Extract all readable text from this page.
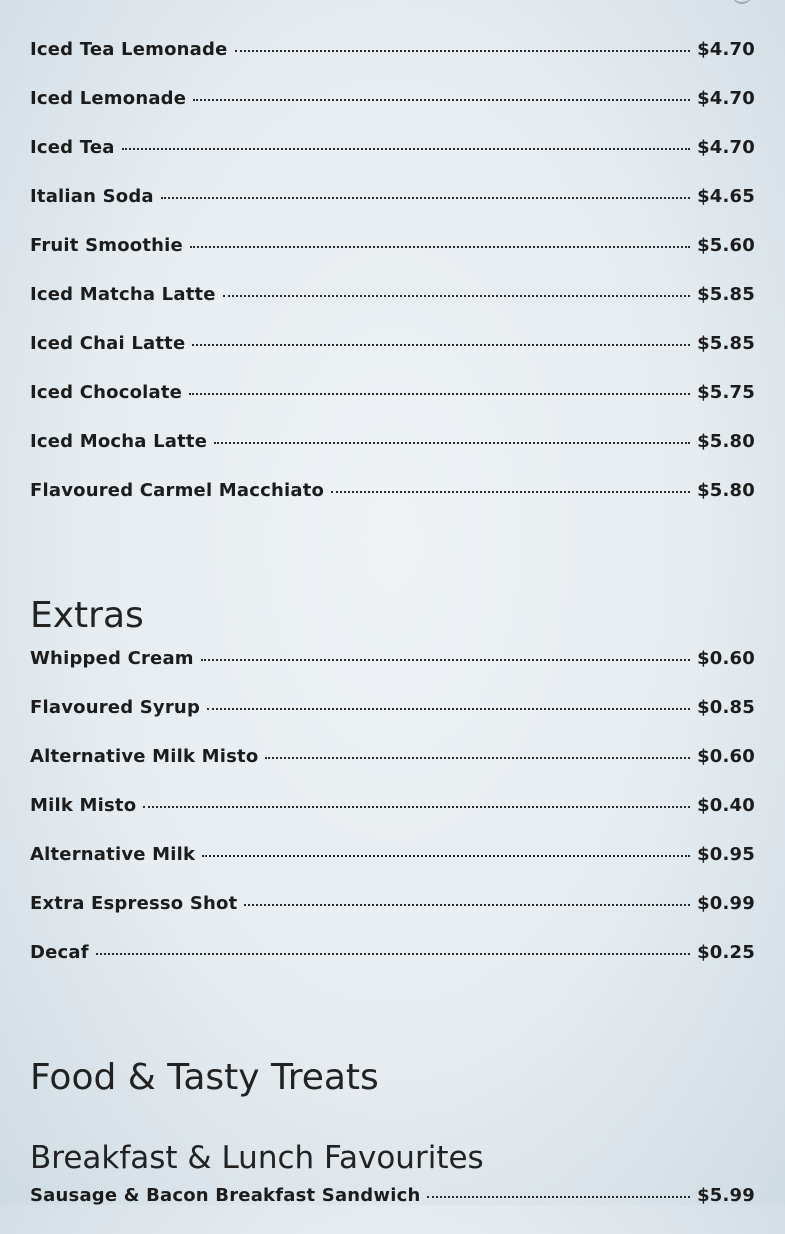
Iced Tea Lemonade	$4.70
Iced Lemonade	$4.70
Iced Tea	$4.70
Italian Soda	$4.65
Fruit Smoothie	$5.60
Iced Matcha Latte	$5.85
Iced Chai Latte	$5.85
Iced Chocolate	$5.75
Iced Mocha Latte	$5.80
Flavoured Carmel Macchiato	$5.80
Extras
Whipped Cream	$0.60
Flavoured Syrup	$0.85
Alternative Milk Misto	$0.60
Milk Misto	$0.40
Alternative Milk	$0.95
Extra Espresso Shot	$0.99
Decaf	$0.25
Food & Tasty Treats
Breakfast & Lunch Favourites
Sausage & Bacon Breakfast Sandwich	$5.99
